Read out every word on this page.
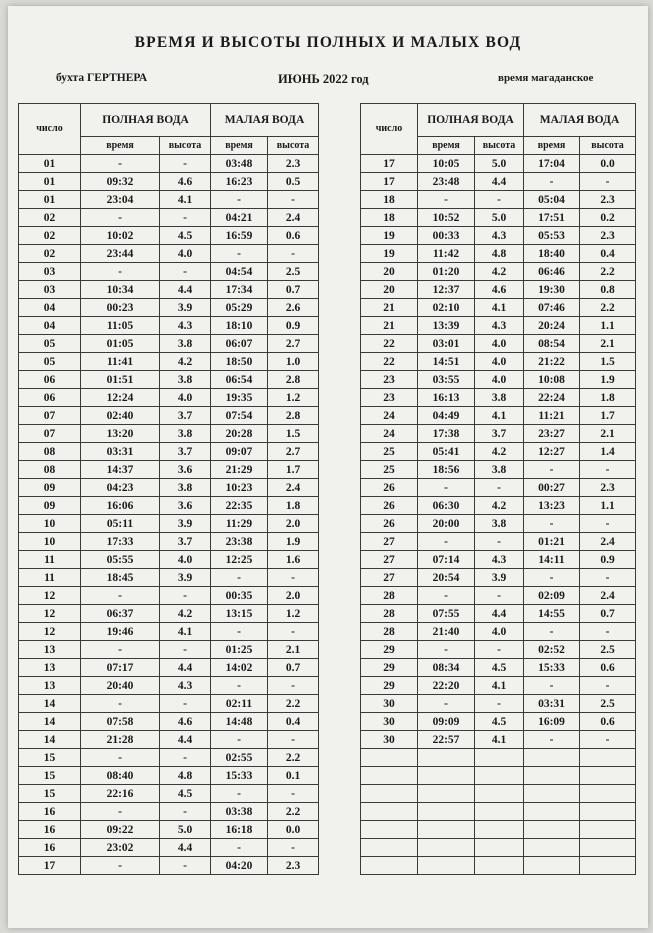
ВРЕМЯ И ВЫСОТЫ ПОЛНЫХ И МАЛЫХ ВОД
бухта ГЕРТНЕРА	ИЮНЬ 2022 год	время магаданское
число	ПОЛНАЯ ВОДА		МАЛАЯ ВОДА	
	время	высота	время	высота
01	-	-	03:48	2.3
01	09:32	4.6	16:23	0.5
01	23:04	4.1	-	-
02	-	-	04:21	2.4
02	10:02	4.5	16:59	0.6
02	23:44	4.0	-	-
03	-	-	04:54	2.5
03	10:34	4.4	17:34	0.7
04	00:23	3.9	05:29	2.6
04	11:05	4.3	18:10	0.9
05	01:05	3.8	06:07	2.7
05	11:41	4.2	18:50	1.0
06	01:51	3.8	06:54	2.8
06	12:24	4.0	19:35	1.2
07	02:40	3.7	07:54	2.8
07	13:20	3.8	20:28	1.5
08	03:31	3.7	09:07	2.7
08	14:37	3.6	21:29	1.7
09	04:23	3.8	10:23	2.4
09	16:06	3.6	22:35	1.8
10	05:11	3.9	11:29	2.0
10	17:33	3.7	23:38	1.9
11	05:55	4.0	12:25	1.6
11	18:45	3.9	-	-
12	-	-	00:35	2.0
12	06:37	4.2	13:15	1.2
12	19:46	4.1	-	-
13	-	-	01:25	2.1
13	07:17	4.4	14:02	0.7
13	20:40	4.3	-	-
14	-	-	02:11	2.2
14	07:58	4.6	14:48	0.4
14	21:28	4.4	-	-
15	-	-	02:55	2.2
15	08:40	4.8	15:33	0.1
15	22:16	4.5	-	-
16	-	-	03:38	2.2
16	09:22	5.0	16:18	0.0
16	23:02	4.4	-	-
17	-	-	04:20	2.3
число	ПОЛНАЯ ВОДА		МАЛАЯ ВОДА	
	время	высота	время	высота
17	10:05	5.0	17:04	0.0
17	23:48	4.4	-	-
18	-	-	05:04	2.3
18	10:52	5.0	17:51	0.2
19	00:33	4.3	05:53	2.3
19	11:42	4.8	18:40	0.4
20	01:20	4.2	06:46	2.2
20	12:37	4.6	19:30	0.8
21	02:10	4.1	07:46	2.2
21	13:39	4.3	20:24	1.1
22	03:01	4.0	08:54	2.1
22	14:51	4.0	21:22	1.5
23	03:55	4.0	10:08	1.9
23	16:13	3.8	22:24	1.8
24	04:49	4.1	11:21	1.7
24	17:38	3.7	23:27	2.1
25	05:41	4.2	12:27	1.4
25	18:56	3.8	-	-
26	-	-	00:27	2.3
26	06:30	4.2	13:23	1.1
26	20:00	3.8	-	-
27	-	-	01:21	2.4
27	07:14	4.3	14:11	0.9
27	20:54	3.9	-	-
28	-	-	02:09	2.4
28	07:55	4.4	14:55	0.7
28	21:40	4.0	-	-
29	-	-	02:52	2.5
29	08:34	4.5	15:33	0.6
29	22:20	4.1	-	-
30	-	-	03:31	2.5
30	09:09	4.5	16:09	0.6
30	22:57	4.1	-	-
